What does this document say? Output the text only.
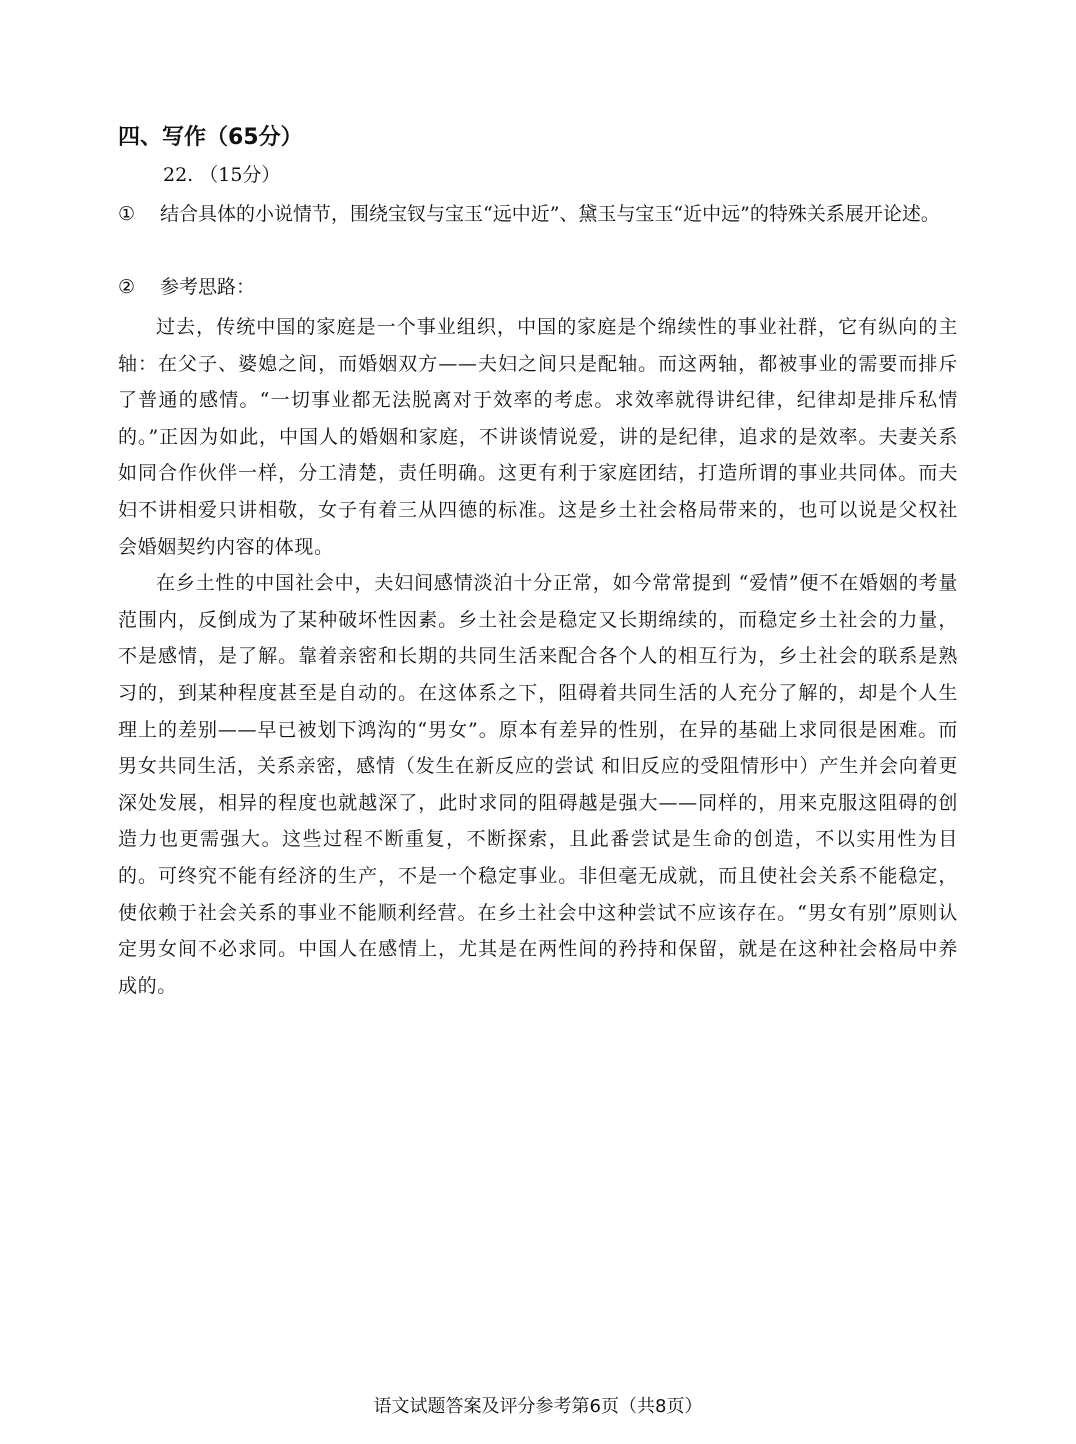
四、写作（65分）
22. （15分）
①	结合具体的小说情节，围绕宝钗与宝玉“远中近”、黛玉与宝玉“近中远”的特殊关系展开论述。
②	参考思路：

过去，传统中国的家庭是一个事业组织，中国的家庭是个绵续性的事业社群，它有纵向的主轴：在父子、婆媳之间，而婚姻双方——夫妇之间只是配轴。而这两轴，都被事业的需要而排斥了普通的感情。“一切事业都无法脱离对于效率的考虑。求效率就得讲纪律，纪律却是排斥私情的。”正因为如此，中国人的婚姻和家庭，不讲谈情说爱，讲的是纪律，追求的是效率。夫妻关系如同合作伙伴一样，分工清楚，责任明确。这更有利于家庭团结，打造所谓的事业共同体。而夫妇不讲相爱只讲相敬，女子有着三从四德的标准。这是乡土社会格局带来的，也可以说是父权社会婚姻契约内容的体现。

在乡土性的中国社会中，夫妇间感情淡泊十分正常，如今常常提到 “爱情”便不在婚姻的考量范围内，反倒成为了某种破坏性因素。乡土社会是稳定又长期绵续的，而稳定乡土社会的力量，不是感情，是了解。靠着亲密和长期的共同生活来配合各个人的相互行为，乡土社会的联系是熟习的，到某种程度甚至是自动的。在这体系之下，阻碍着共同生活的人充分了解的，却是个人生理上的差别——早已被划下鸿沟的“男女”。原本有差异的性别，在异的基础上求同很是困难。而男女共同生活，关系亲密，感情（发生在新反应的尝试 和旧反应的受阻情形中）产生并会向着更深处发展，相异的程度也就越深了，此时求同的阻碍越是强大——同样的，用来克服这阻碍的创造力也更需强大。这些过程不断重复，不断探索，且此番尝试是生命的创造，不以实用性为目的。可终究不能有经济的生产，不是一个稳定事业。非但毫无成就，而且使社会关系不能稳定，使依赖于社会关系的事业不能顺利经营。在乡土社会中这种尝试不应该存在。“男女有别”原则认定男女间不必求同。中国人在感情上，尤其是在两性间的矜持和保留，就是在这种社会格局中养成的。

语文试题答案及评分参考第6页（共8页）
